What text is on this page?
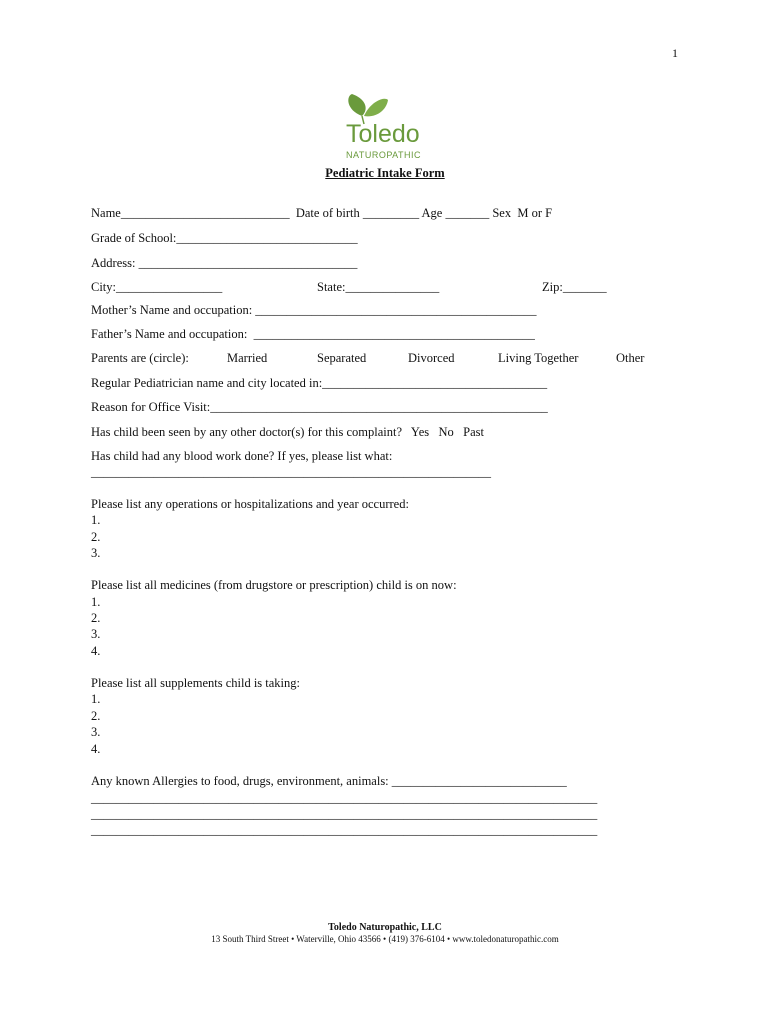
1
Toledo
NATUROPATHIC
Pediatric Intake Form
Name___________________________  Date of birth _________ Age _______ Sex  M or F
Grade of School:_____________________________
Address: ___________________________________
City:_________________	State:_______________	Zip:_______
Mother’s Name and occupation: _____________________________________________
Father’s Name and occupation:  _____________________________________________
Parents are (circle):	Married	Separated	Divorced	Living Together	Other
Regular Pediatrician name and city located in:____________________________________
Reason for Office Visit:______________________________________________________
Has child been seen by any other doctor(s) for this complaint?   Yes   No   Past
Has child had any blood work done? If yes, please list what:
________________________________________________________________
Please list any operations or hospitalizations and year occurred:
1.
2.
3.
Please list all medicines (from drugstore or prescription) child is on now:
1.
2.
3.
4.
Please list all supplements child is taking:
1.
2.
3.
4.
Any known Allergies to food, drugs, environment, animals: ____________________________
_________________________________________________________________________________
_________________________________________________________________________________
_________________________________________________________________________________
Toledo Naturopathic, LLC
13 South Third Street • Waterville, Ohio 43566 • (419) 376-6104 • www.toledonaturopathic.com
